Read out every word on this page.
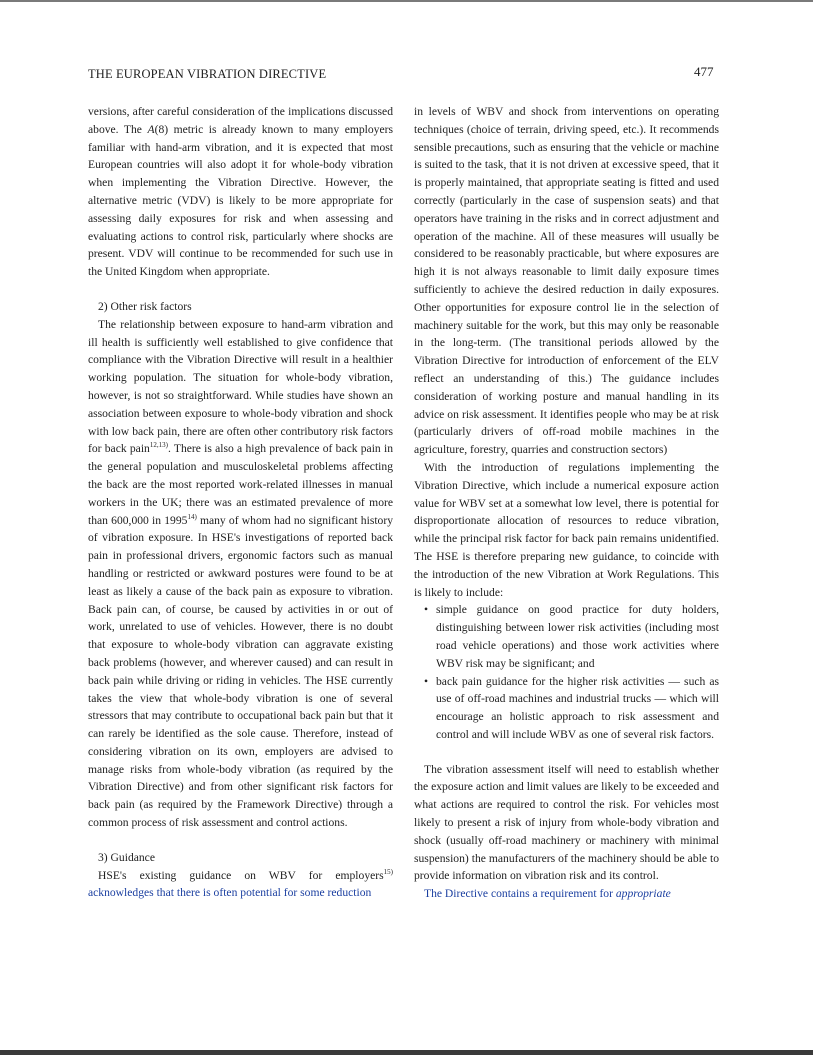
THE EUROPEAN VIBRATION DIRECTIVE	477

versions, after careful consideration of the implications discussed above. The A(8) metric is already known to many employers familiar with hand-arm vibration, and it is expected that most European countries will also adopt it for whole-body vibration when implementing the Vibration Directive. However, the alternative metric (VDV) is likely to be more appropriate for assessing daily exposures for risk and when assessing and evaluating actions to control risk, particularly where shocks are present. VDV will continue to be recommended for such use in the United Kingdom when appropriate.

2) Other risk factors

The relationship between exposure to hand-arm vibration and ill health is sufficiently well established to give confidence that compliance with the Vibration Directive will result in a healthier working population. The situation for whole-body vibration, however, is not so straightforward. While studies have shown an association between exposure to whole-body vibration and shock with low back pain, there are often other contributory risk factors for back pain$^{12,13)}$. There is also a high prevalence of back pain in the general population and musculoskeletal problems affecting the back are the most reported work-related illnesses in manual workers in the UK; there was an estimated prevalence of more than 600,000 in 1995$^{14)}$ many of whom had no significant history of vibration exposure. In HSE's investigations of reported back pain in professional drivers, ergonomic factors such as manual handling or restricted or awkward postures were found to be at least as likely a cause of the back pain as exposure to vibration. Back pain can, of course, be caused by activities in or out of work, unrelated to use of vehicles. However, there is no doubt that exposure to whole-body vibration can aggravate existing back problems (however, and wherever caused) and can result in back pain while driving or riding in vehicles. The HSE currently takes the view that whole-body vibration is one of several stressors that may contribute to occupational back pain but that it can rarely be identified as the sole cause. Therefore, instead of considering vibration on its own, employers are advised to manage risks from whole-body vibration (as required by the Vibration Directive) and from other significant risk factors for back pain (as required by the Framework Directive) through a common process of risk assessment and control actions.

3) Guidance

HSE's existing guidance on WBV for employers$^{15)}$ acknowledges that there is often potential for some reduction

in levels of WBV and shock from interventions on operating techniques (choice of terrain, driving speed, etc.). It recommends sensible precautions, such as ensuring that the vehicle or machine is suited to the task, that it is not driven at excessive speed, that it is properly maintained, that appropriate seating is fitted and used correctly (particularly in the case of suspension seats) and that operators have training in the risks and in correct adjustment and operation of the machine. All of these measures will usually be considered to be reasonably practicable, but where exposures are high it is not always reasonable to limit daily exposure times sufficiently to achieve the desired reduction in daily exposures. Other opportunities for exposure control lie in the selection of machinery suitable for the work, but this may only be reasonable in the long-term. (The transitional periods allowed by the Vibration Directive for introduction of enforcement of the ELV reflect an understanding of this.) The guidance includes consideration of working posture and manual handling in its advice on risk assessment. It identifies people who may be at risk (particularly drivers of off-road mobile machines in the agriculture, forestry, quarries and construction sectors)

With the introduction of regulations implementing the Vibration Directive, which include a numerical exposure action value for WBV set at a somewhat low level, there is potential for disproportionate allocation of resources to reduce vibration, while the principal risk factor for back pain remains unidentified. The HSE is therefore preparing new guidance, to coincide with the introduction of the new Vibration at Work Regulations. This is likely to include:

• simple guidance on good practice for duty holders, distinguishing between lower risk activities (including most road vehicle operations) and those work activities where WBV risk may be significant; and
• back pain guidance for the higher risk activities — such as use of off-road machines and industrial trucks — which will encourage an holistic approach to risk assessment and control and will include WBV as one of several risk factors.

The vibration assessment itself will need to establish whether the exposure action and limit values are likely to be exceeded and what actions are required to control the risk. For vehicles most likely to present a risk of injury from whole-body vibration and shock (usually off-road machinery or machinery with minimal suspension) the manufacturers of the machinery should be able to provide information on vibration risk and its control.

The Directive contains a requirement for appropriate
